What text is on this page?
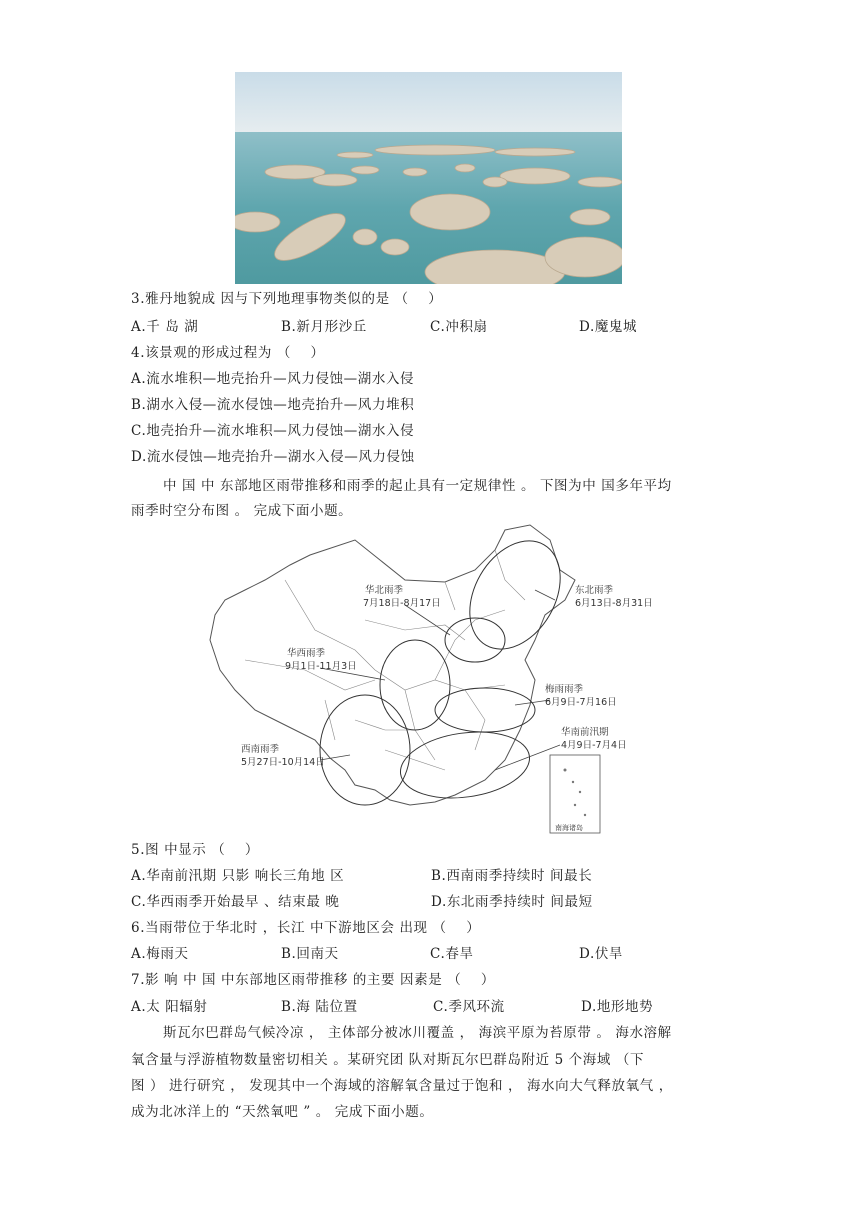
3.雅丹地貌成 因与下列地理事物类似的是 （    ）
A.千 岛 湖	B.新月形沙丘	C.冲积扇	D.魔鬼城
4.该景观的形成过程为 （    ）
A.流水堆积—地壳抬升—风力侵蚀—湖水入侵
B.湖水入侵—流水侵蚀—地壳抬升—风力堆积
C.地壳抬升—流水堆积—风力侵蚀—湖水入侵
D.流水侵蚀—地壳抬升—湖水入侵—风力侵蚀
中 国 中 东部地区雨带推移和雨季的起止具有一定规律性 。 下图为中 国多年平均
雨季时空分布图 。 完成下面小题。
南海诸岛
华北雨季
7月18日-8月17日
东北雨季
6月13日-8月31日
华西雨季
9月1日-11月3日
梅雨雨季
6月9日-7月16日
华南前汛期
4月9日-7月4日
西南雨季
5月27日-10月14日
5.图 中显示 （    ）
A.华南前汛期 只影 响长三角地 区	B.西南雨季持续时 间最长
C.华西雨季开始最早 、结束最 晚	D.东北雨季持续时 间最短
6.当雨带位于华北时 ，长江 中下游地区会 出现 （    ）
A.梅雨天	B.回南天	C.春旱	D.伏旱
7.影 响 中 国 中东部地区雨带推移 的主要 因素是 （    ）
A.太 阳辐射	B.海 陆位置	C.季风环流	D.地形地势
斯瓦尔巴群岛气候冷凉 ， 主体部分被冰川覆盖 ， 海滨平原为苔原带 。 海水溶解
氧含量与浮游植物数量密切相关 。某研究团 队对斯瓦尔巴群岛附近 5 个海域 （下
图 ） 进行研究 ， 发现其中一个海域的溶解氧含量过于饱和 ， 海水向大气释放氧气 ，
成为北冰洋上的 “天然氧吧 ” 。 完成下面小题。
